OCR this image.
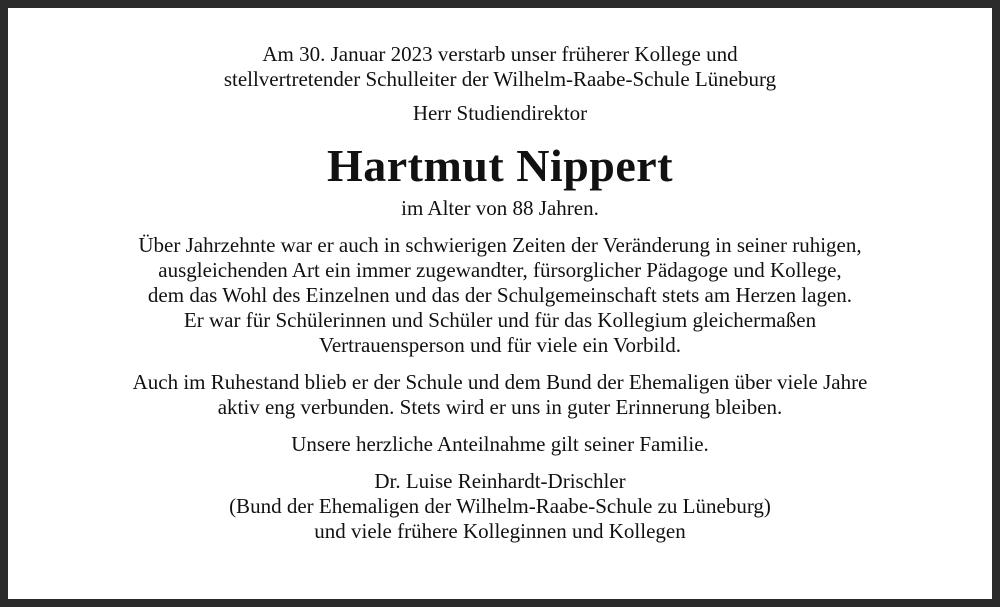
Am 30. Januar 2023 verstarb unser früherer Kollege und
stellvertretender Schulleiter der Wilhelm-Raabe-Schule Lüneburg

Herr Studiendirektor

Hartmut Nippert

im Alter von 88 Jahren.

Über Jahrzehnte war er auch in schwierigen Zeiten der Veränderung in seiner ruhigen,
ausgleichenden Art ein immer zugewandter, fürsorglicher Pädagoge und Kollege,
dem das Wohl des Einzelnen und das der Schulgemeinschaft stets am Herzen lagen.
Er war für Schülerinnen und Schüler und für das Kollegium gleichermaßen
Vertrauensperson und für viele ein Vorbild.

Auch im Ruhestand blieb er der Schule und dem Bund der Ehemaligen über viele Jahre
aktiv eng verbunden. Stets wird er uns in guter Erinnerung bleiben.

Unsere herzliche Anteilnahme gilt seiner Familie.

Dr. Luise Reinhardt-Drischler
(Bund der Ehemaligen der Wilhelm-Raabe-Schule zu Lüneburg)
und viele frühere Kolleginnen und Kollegen
